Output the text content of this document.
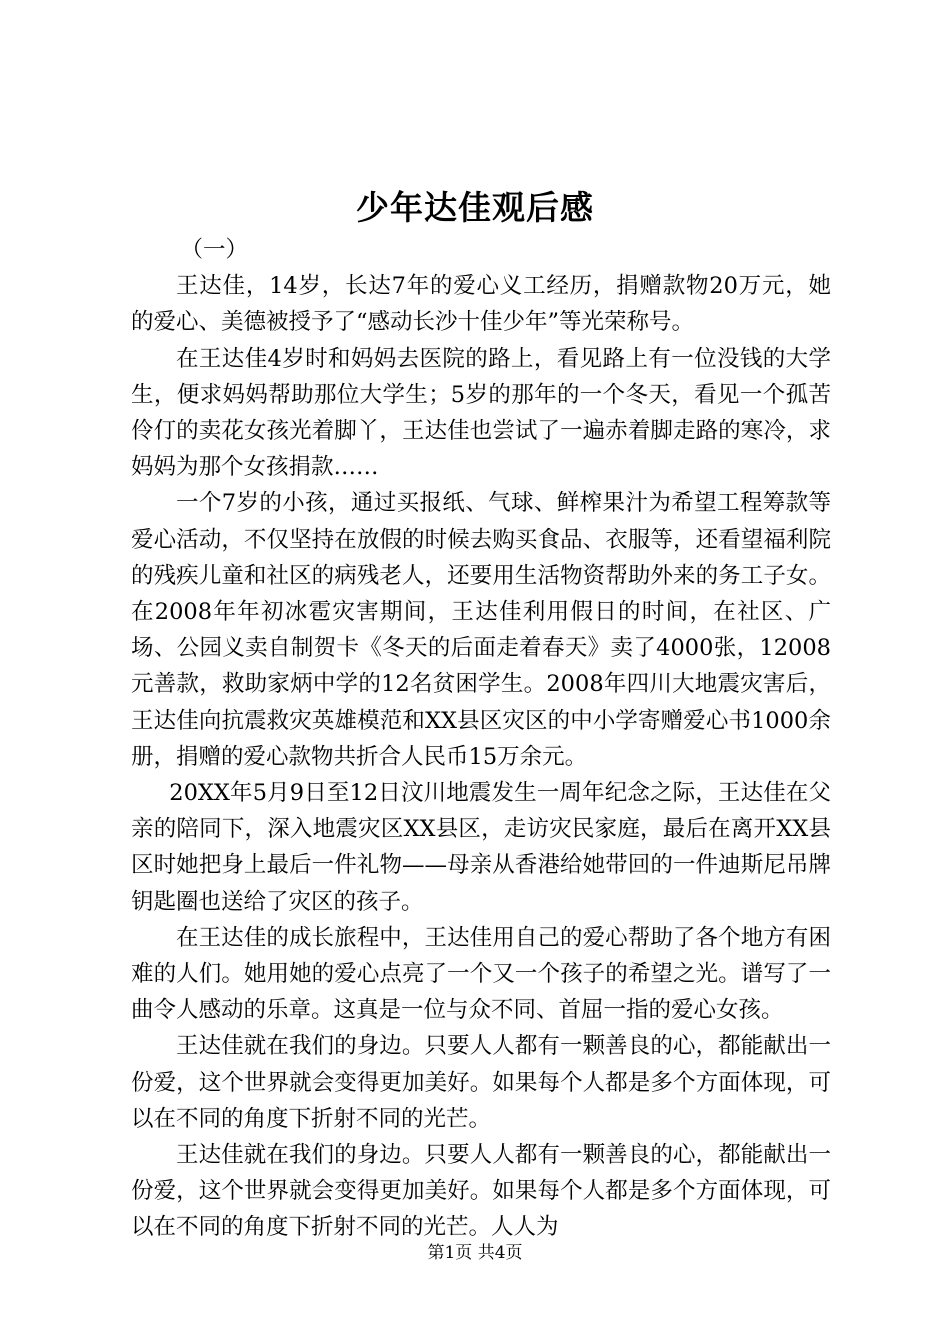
少年达佳观后感

（一）

王达佳，14岁，长达7年的爱心义工经历，捐赠款物20万元，她的爱心、美德被授予了“感动长沙十佳少年”等光荣称号。

在王达佳4岁时和妈妈去医院的路上，看见路上有一位没钱的大学生，便求妈妈帮助那位大学生；5岁的那年的一个冬天，看见一个孤苦伶仃的卖花女孩光着脚丫，王达佳也尝试了一遍赤着脚走路的寒冷，求妈妈为那个女孩捐款……

一个7岁的小孩，通过买报纸、气球、鲜榨果汁为希望工程筹款等爱心活动，不仅坚持在放假的时候去购买食品、衣服等，还看望福利院的残疾儿童和社区的病残老人，还要用生活物资帮助外来的务工子女。在2008年年初冰雹灾害期间，王达佳利用假日的时间，在社区、广场、公园义卖自制贺卡《冬天的后面走着春天》卖了4000张，12008元善款，救助家炳中学的12名贫困学生。2008年四川大地震灾害后，王达佳向抗震救灾英雄模范和XX县区灾区的中小学寄赠爱心书1000余册，捐赠的爱心款物共折合人民币15万余元。

20XX年5月9日至12日汶川地震发生一周年纪念之际，王达佳在父亲的陪同下，深入地震灾区XX县区，走访灾民家庭，最后在离开XX县区时她把身上最后一件礼物——母亲从香港给她带回的一件迪斯尼吊牌钥匙圈也送给了灾区的孩子。

在王达佳的成长旅程中，王达佳用自己的爱心帮助了各个地方有困难的人们。她用她的爱心点亮了一个又一个孩子的希望之光。谱写了一曲令人感动的乐章。这真是一位与众不同、首屈一指的爱心女孩。

王达佳就在我们的身边。只要人人都有一颗善良的心，都能献出一份爱，这个世界就会变得更加美好。如果每个人都是多个方面体现，可以在不同的角度下折射不同的光芒。

王达佳就在我们的身边。只要人人都有一颗善良的心，都能献出一份爱，这个世界就会变得更加美好。如果每个人都是多个方面体现，可以在不同的角度下折射不同的光芒。人人为

第1页 共4页
